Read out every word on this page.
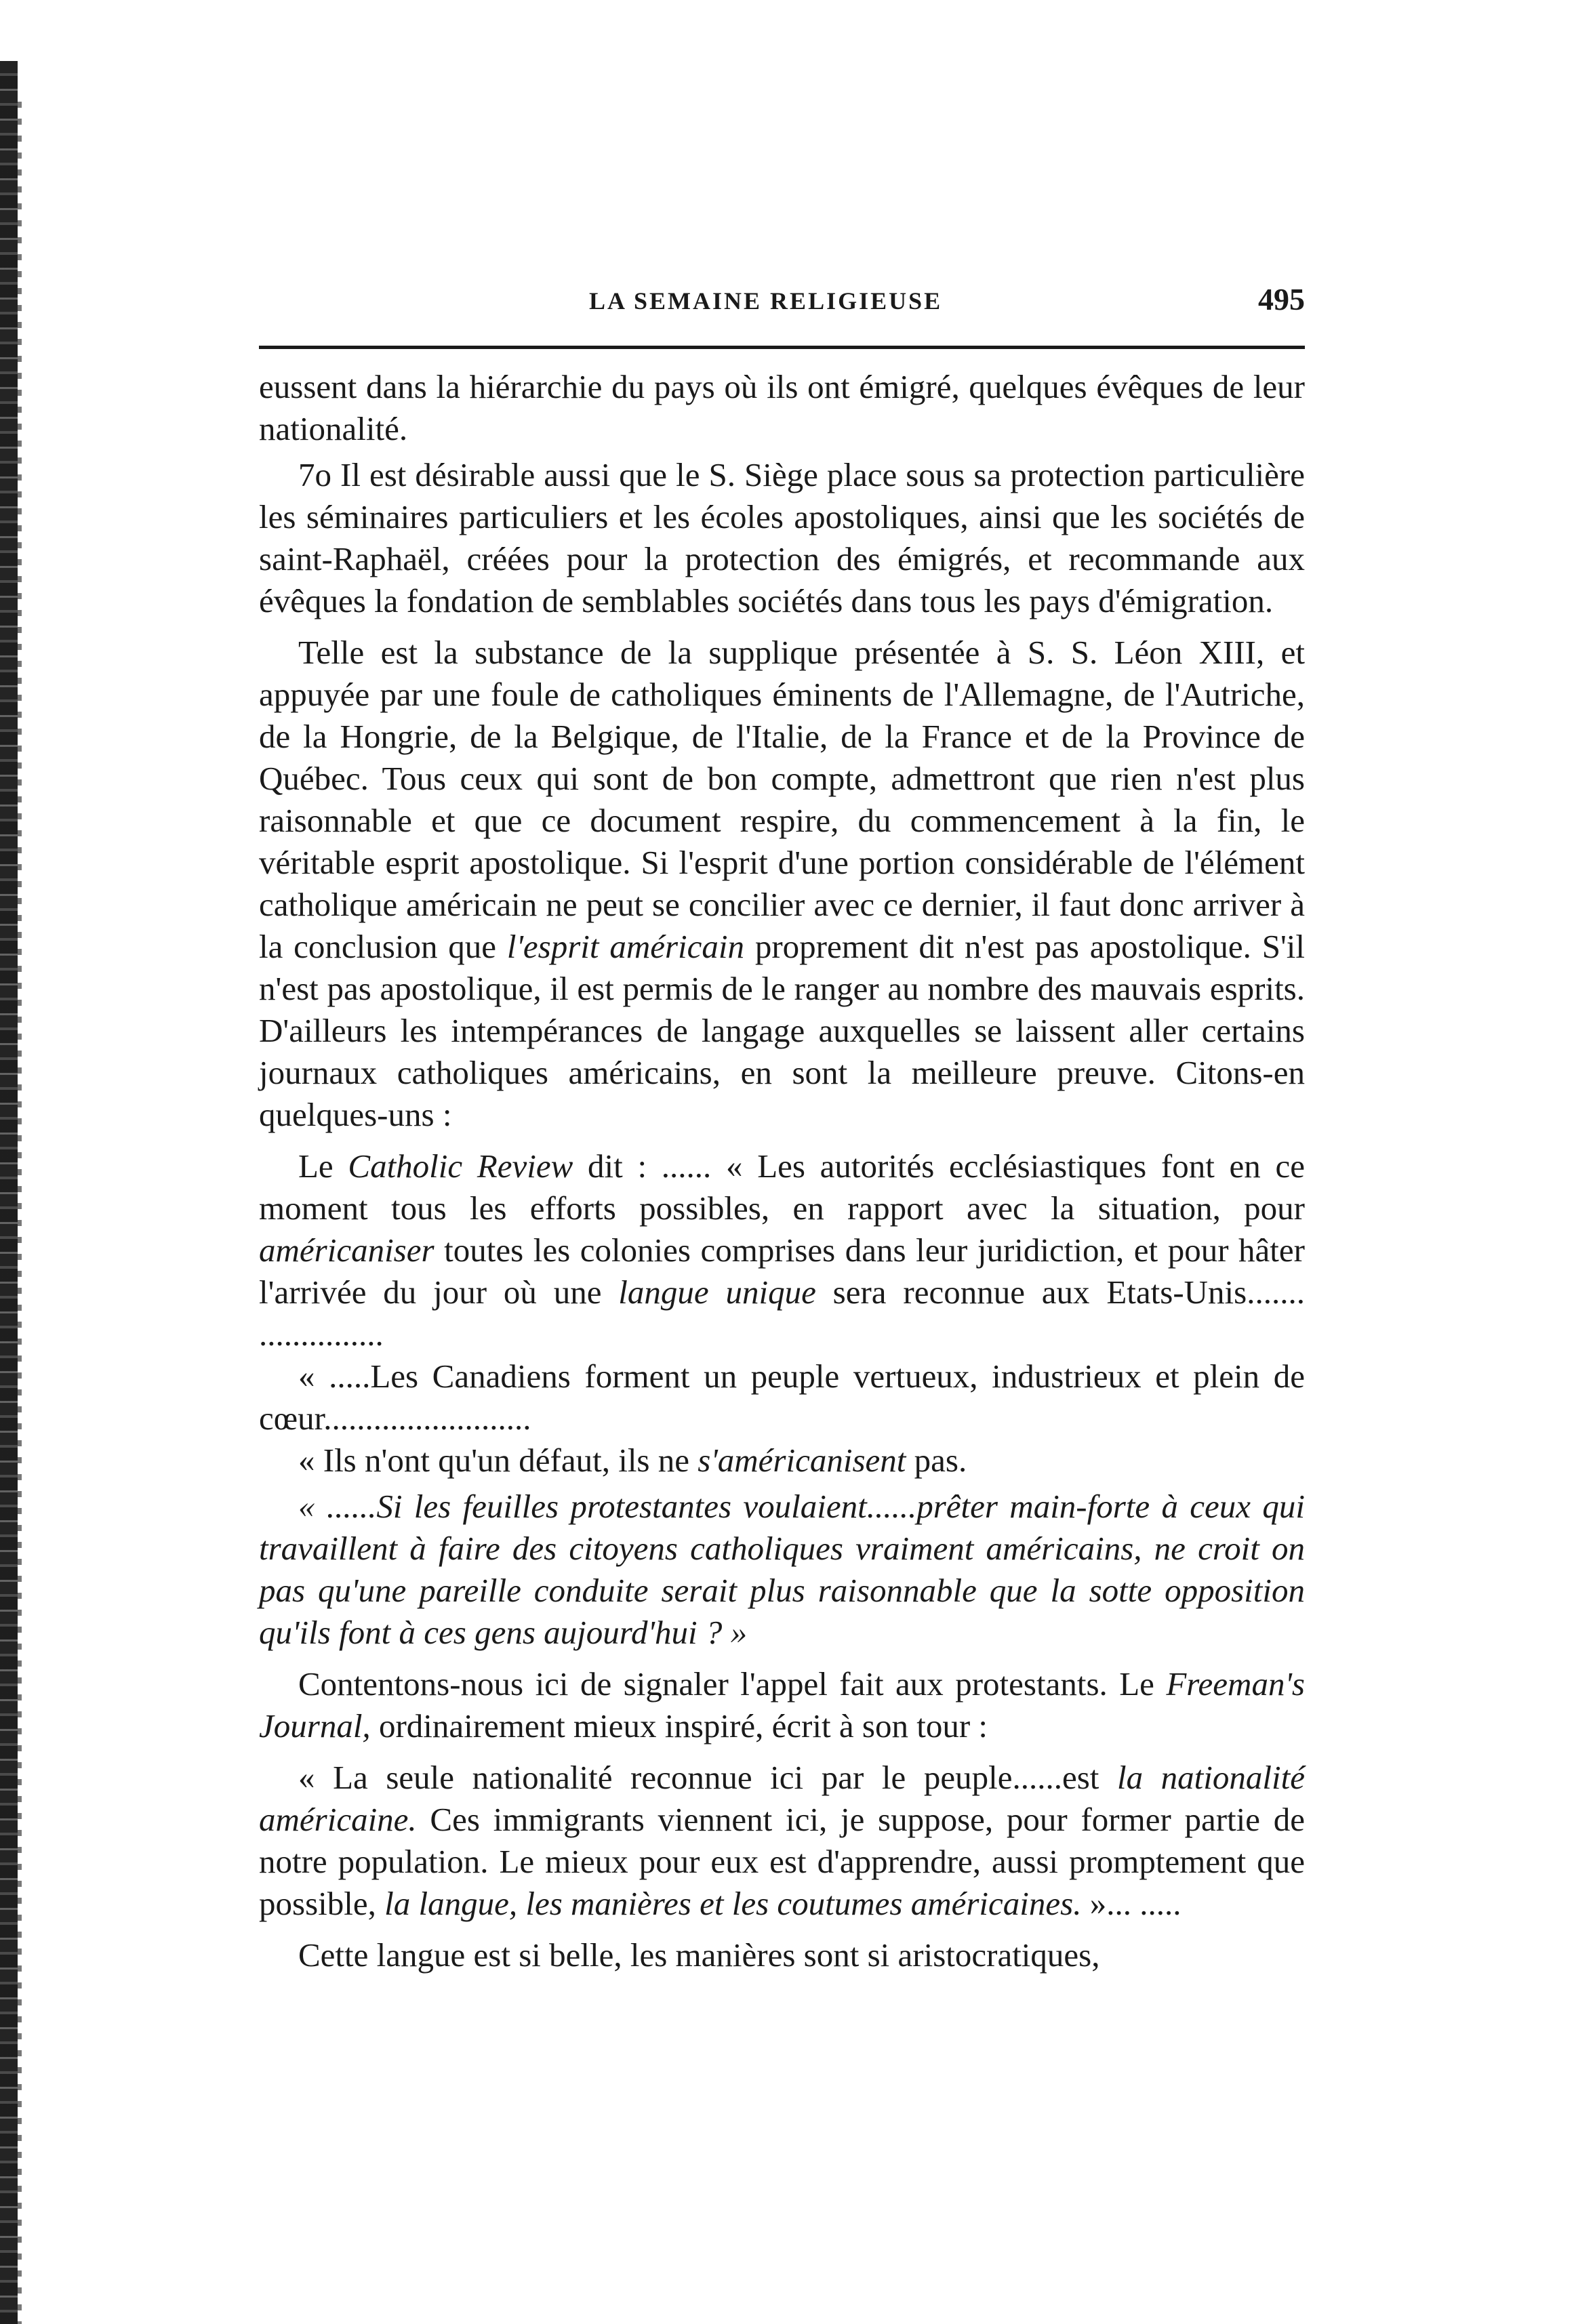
LA SEMAINE RELIGIEUSE	495

eussent dans la hiérarchie du pays où ils ont émigré, quelques évêques de leur nationalité.

7o Il est désirable aussi que le S. Siège place sous sa protection particulière les séminaires particuliers et les écoles apostoliques, ainsi que les sociétés de saint-Raphaël, créées pour la protection des émigrés, et recommande aux évêques la fondation de semblables sociétés dans tous les pays d'émigration.

Telle est la substance de la supplique présentée à S. S. Léon XIII, et appuyée par une foule de catholiques éminents de l'Allemagne, de l'Autriche, de la Hongrie, de la Belgique, de l'Italie, de la France et de la Province de Québec. Tous ceux qui sont de bon compte, admettront que rien n'est plus raisonnable et que ce document respire, du commencement à la fin, le véritable esprit apostolique. Si l'esprit d'une portion considérable de l'élément catholique américain ne peut se concilier avec ce dernier, il faut donc arriver à la conclusion que l'esprit américain proprement dit n'est pas apostolique. S'il n'est pas apostolique, il est permis de le ranger au nombre des mauvais esprits. D'ailleurs les intempérances de langage auxquelles se laissent aller certains journaux catholiques américains, en sont la meilleure preuve. Citons-en quelques-uns :

Le Catholic Review dit : ...... « Les autorités ecclésiastiques font en ce moment tous les efforts possibles, en rapport avec la situation, pour américaniser toutes les colonies comprises dans leur juridiction, et pour hâter l'arrivée du jour où une langue unique sera reconnue aux Etats-Unis....... ...............

« .....Les Canadiens forment un peuple vertueux, industrieux et plein de cœur.........................

« Ils n'ont qu'un défaut, ils ne s'américanisent pas.

« ......Si les feuilles protestantes voulaient......prêter main-forte à ceux qui travaillent à faire des citoyens catholiques vraiment américains, ne croit on pas qu'une pareille conduite serait plus raisonnable que la sotte opposition qu'ils font à ces gens aujourd'hui ? »

Contentons-nous ici de signaler l'appel fait aux protestants. Le Freeman's Journal, ordinairement mieux inspiré, écrit à son tour :

« La seule nationalité reconnue ici par le peuple......est la nationalité américaine. Ces immigrants viennent ici, je suppose, pour former partie de notre population. Le mieux pour eux est d'apprendre, aussi promptement que possible, la langue, les manières et les coutumes américaines. »... .....

Cette langue est si belle, les manières sont si aristocratiques,
